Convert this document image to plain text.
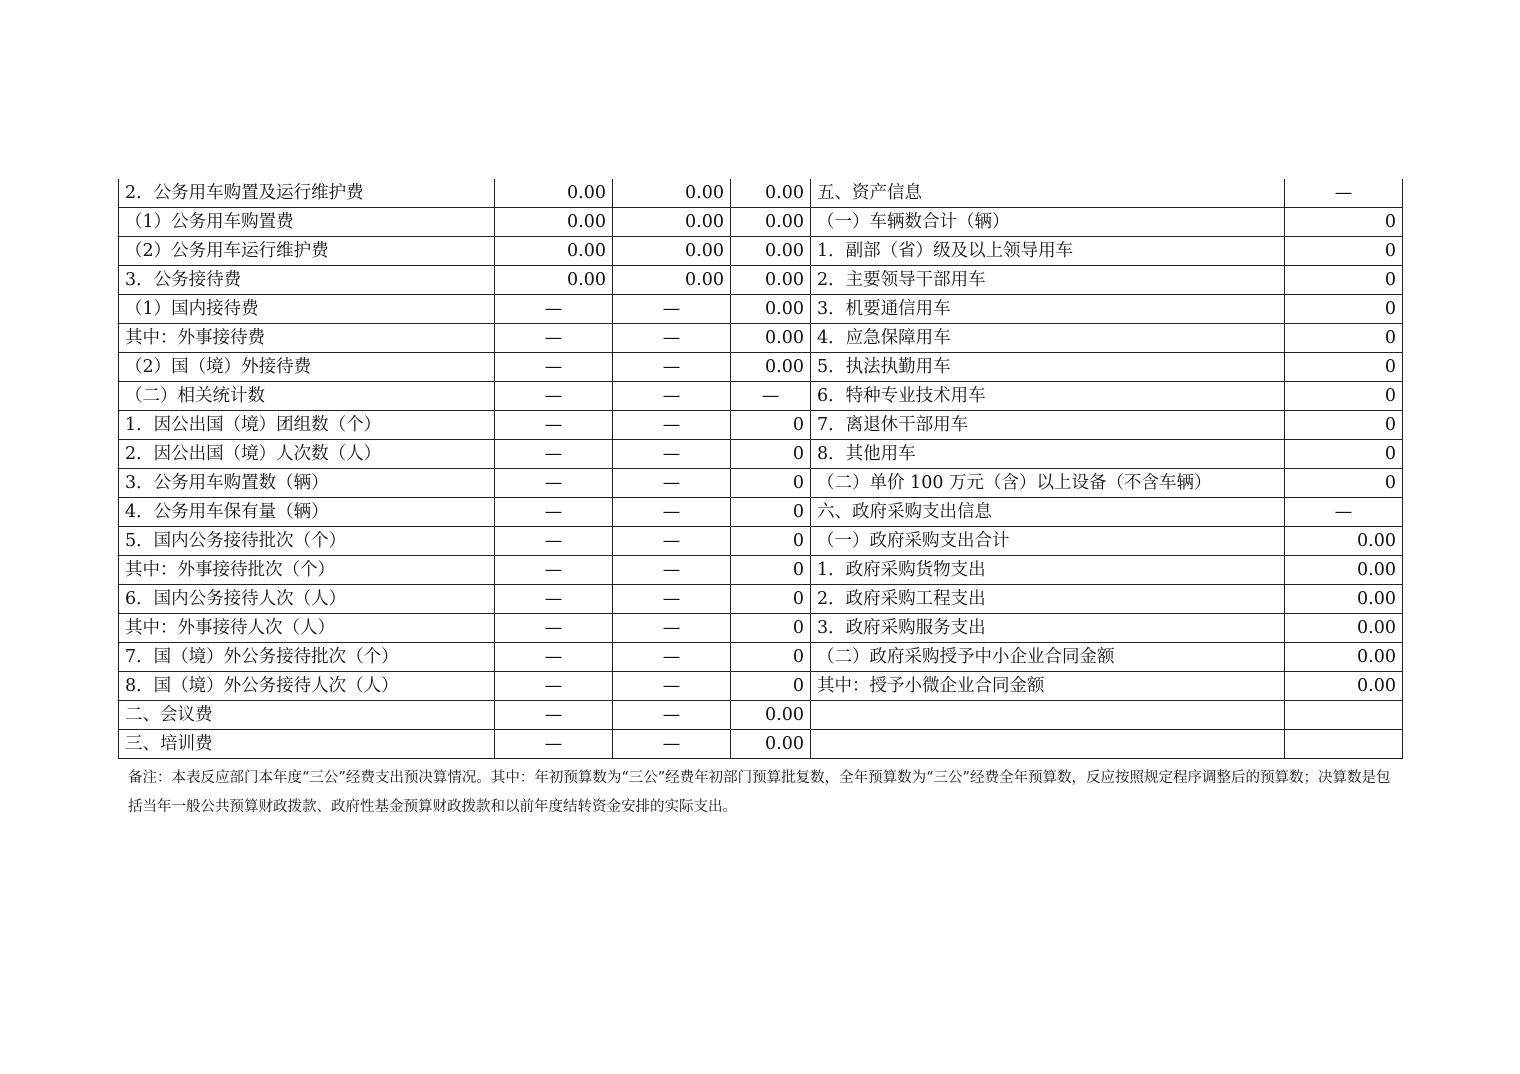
2．公务用车购置及运行维护费	0.00	0.00	0.00	五、资产信息	—
（1）公务用车购置费	0.00	0.00	0.00	（一）车辆数合计（辆）	0
（2）公务用车运行维护费	0.00	0.00	0.00	1．副部（省）级及以上领导用车	0
3．公务接待费	0.00	0.00	0.00	2．主要领导干部用车	0
（1）国内接待费	—	—	0.00	3．机要通信用车	0
其中：外事接待费	—	—	0.00	4．应急保障用车	0
（2）国（境）外接待费	—	—	0.00	5．执法执勤用车	0
（二）相关统计数	—	—	—	6．特种专业技术用车	0
1．因公出国（境）团组数（个）	—	—	0	7．离退休干部用车	0
2．因公出国（境）人次数（人）	—	—	0	8．其他用车	0
3．公务用车购置数（辆）	—	—	0	（二）单价 100 万元（含）以上设备（不含车辆）	0
4．公务用车保有量（辆）	—	—	0	六、政府采购支出信息	—
5．国内公务接待批次（个）	—	—	0	（一）政府采购支出合计	0.00
其中：外事接待批次（个）	—	—	0	1．政府采购货物支出	0.00
6．国内公务接待人次（人）	—	—	0	2．政府采购工程支出	0.00
其中：外事接待人次（人）	—	—	0	3．政府采购服务支出	0.00
7．国（境）外公务接待批次（个）	—	—	0	（二）政府采购授予中小企业合同金额	0.00
8．国（境）外公务接待人次（人）	—	—	0	其中：授予小微企业合同金额	0.00
二、会议费	—	—	0.00		
三、培训费	—	—	0.00		
备注：本表反应部门本年度“三公”经费支出预决算情况。其中：年初预算数为“三公”经费年初部门预算批复数，全年预算数为“三公”经费全年预算数，反应按照规定程序调整后的预算数；决算数是包括当年一般公共预算财政拨款、政府性基金预算财政拨款和以前年度结转资金安排的实际支出。
